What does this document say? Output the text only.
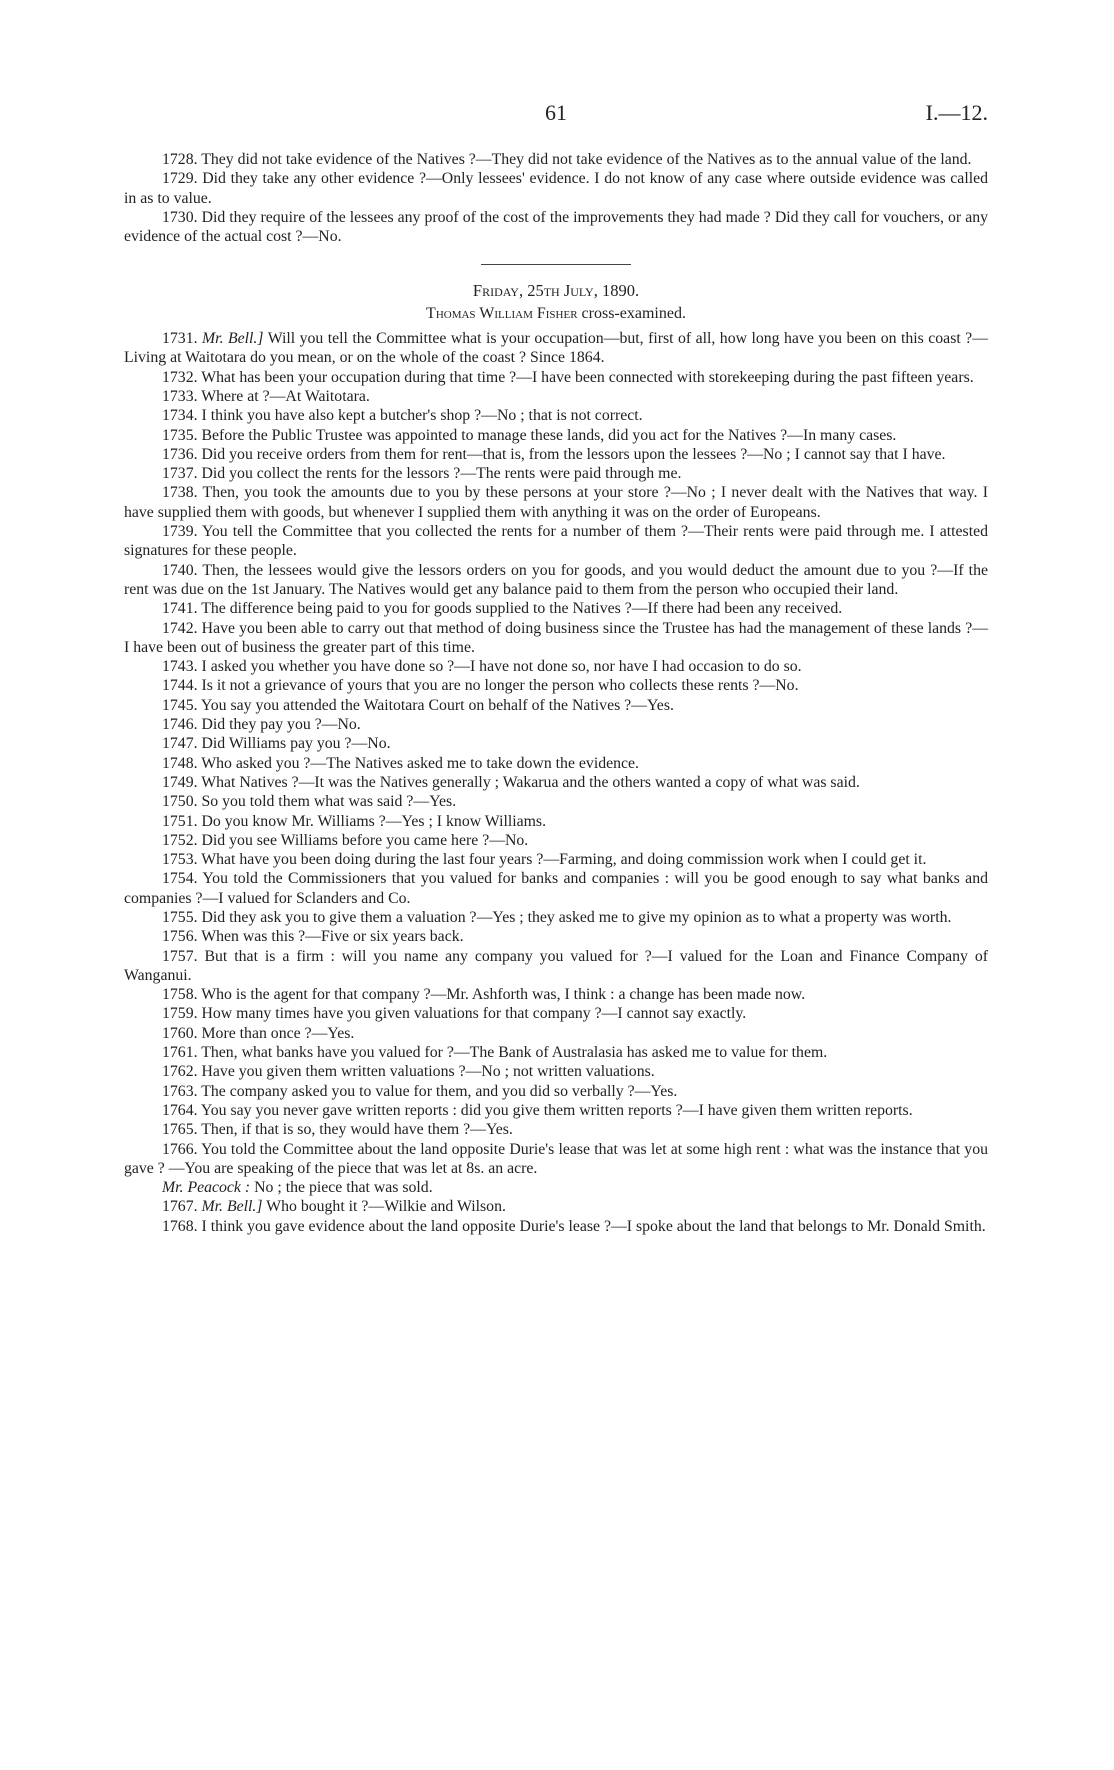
61	I.—12.

1728. They did not take evidence of the Natives ?—They did not take evidence of the Natives as to the annual value of the land.

1729. Did they take any other evidence ?—Only lessees' evidence. I do not know of any case where outside evidence was called in as to value.

1730. Did they require of the lessees any proof of the cost of the improvements they had made ? Did they call for vouchers, or any evidence of the actual cost ?—No.

Friday, 25th July, 1890.

Thomas William Fisher cross-examined.

1731. Mr. Bell.] Will you tell the Committee what is your occupation—but, first of all, how long have you been on this coast ?—Living at Waitotara do you mean, or on the whole of the coast ? Since 1864.

1732. What has been your occupation during that time ?—I have been connected with storekeeping during the past fifteen years.

1733. Where at ?—At Waitotara.

1734. I think you have also kept a butcher's shop ?—No ; that is not correct.

1735. Before the Public Trustee was appointed to manage these lands, did you act for the Natives ?—In many cases.

1736. Did you receive orders from them for rent—that is, from the lessors upon the lessees ?—No ; I cannot say that I have.

1737. Did you collect the rents for the lessors ?—The rents were paid through me.

1738. Then, you took the amounts due to you by these persons at your store ?—No ; I never dealt with the Natives that way. I have supplied them with goods, but whenever I supplied them with anything it was on the order of Europeans.

1739. You tell the Committee that you collected the rents for a number of them ?—Their rents were paid through me. I attested signatures for these people.

1740. Then, the lessees would give the lessors orders on you for goods, and you would deduct the amount due to you ?—If the rent was due on the 1st January. The Natives would get any balance paid to them from the person who occupied their land.

1741. The difference being paid to you for goods supplied to the Natives ?—If there had been any received.

1742. Have you been able to carry out that method of doing business since the Trustee has had the management of these lands ?—I have been out of business the greater part of this time.

1743. I asked you whether you have done so ?—I have not done so, nor have I had occasion to do so.

1744. Is it not a grievance of yours that you are no longer the person who collects these rents ?—No.

1745. You say you attended the Waitotara Court on behalf of the Natives ?—Yes.

1746. Did they pay you ?—No.

1747. Did Williams pay you ?—No.

1748. Who asked you ?—The Natives asked me to take down the evidence.

1749. What Natives ?—It was the Natives generally ; Wakarua and the others wanted a copy of what was said.

1750. So you told them what was said ?—Yes.

1751. Do you know Mr. Williams ?—Yes ; I know Williams.

1752. Did you see Williams before you came here ?—No.

1753. What have you been doing during the last four years ?—Farming, and doing commission work when I could get it.

1754. You told the Commissioners that you valued for banks and companies : will you be good enough to say what banks and companies ?—I valued for Sclanders and Co.

1755. Did they ask you to give them a valuation ?—Yes ; they asked me to give my opinion as to what a property was worth.

1756. When was this ?—Five or six years back.

1757. But that is a firm : will you name any company you valued for ?—I valued for the Loan and Finance Company of Wanganui.

1758. Who is the agent for that company ?—Mr. Ashforth was, I think : a change has been made now.

1759. How many times have you given valuations for that company ?—I cannot say exactly.

1760. More than once ?—Yes.

1761. Then, what banks have you valued for ?—The Bank of Australasia has asked me to value for them.

1762. Have you given them written valuations ?—No ; not written valuations.

1763. The company asked you to value for them, and you did so verbally ?—Yes.

1764. You say you never gave written reports : did you give them written reports ?—I have given them written reports.

1765. Then, if that is so, they would have them ?—Yes.

1766. You told the Committee about the land opposite Durie's lease that was let at some high rent : what was the instance that you gave ? —You are speaking of the piece that was let at 8s. an acre.

Mr. Peacock : No ; the piece that was sold.

1767. Mr. Bell.] Who bought it ?—Wilkie and Wilson.

1768. I think you gave evidence about the land opposite Durie's lease ?—I spoke about the land that belongs to Mr. Donald Smith.
